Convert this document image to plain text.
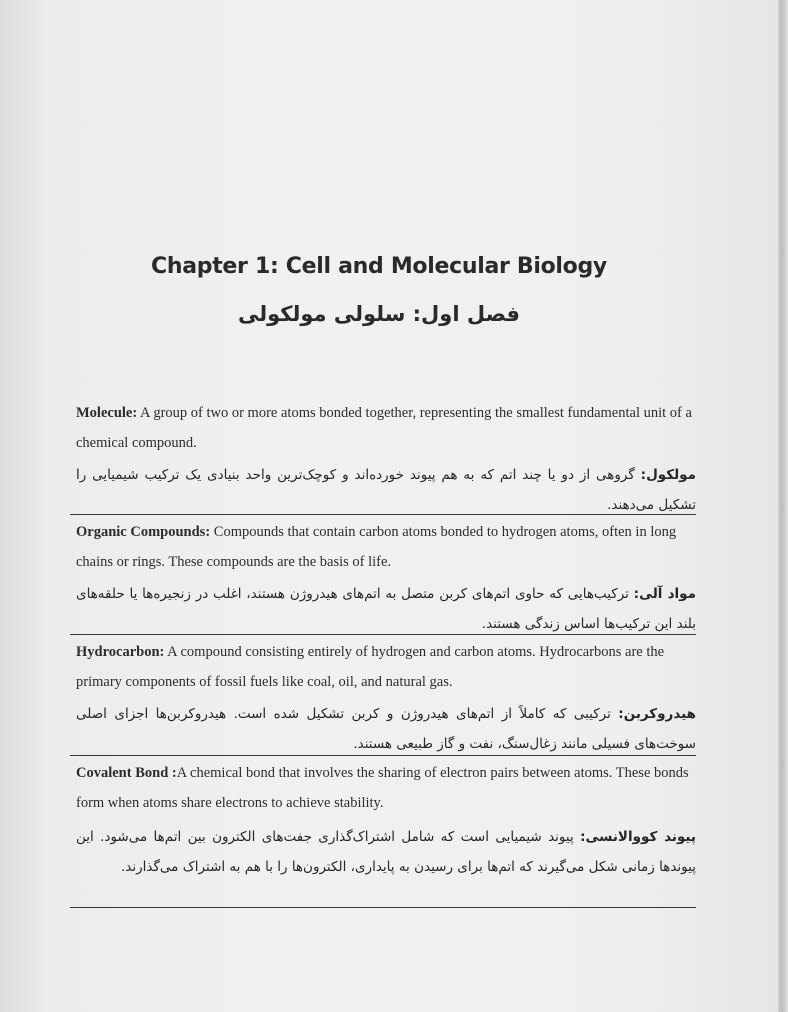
Chapter 1: Cell and Molecular Biology
فصل اول: سلولی مولکولی
Molecule: A group of two or more atoms bonded together, representing the smallest fundamental unit of a chemical compound.
مولکول: گروهی از دو یا چند اتم که به هم پیوند خورده‌اند و کوچک‌ترین واحد بنیادی یک ترکیب شیمیایی را تشکیل می‌دهند.
Organic Compounds: Compounds that contain carbon atoms bonded to hydrogen atoms, often in long chains or rings. These compounds are the basis of life.
مواد آلی: ترکیب‌هایی که حاوی اتم‌های کربن متصل به اتم‌های هیدروژن هستند، اغلب در زنجیره‌ها یا حلقه‌های بلند این ترکیب‌ها اساس زندگی هستند.
Hydrocarbon: A compound consisting entirely of hydrogen and carbon atoms. Hydrocarbons are the primary components of fossil fuels like coal, oil, and natural gas.
هیدروکربن: ترکیبی که کاملاً از اتم‌های هیدروژن و کربن تشکیل شده است. هیدروکربن‌ها اجزای اصلی سوخت‌های فسیلی مانند زغال‌سنگ، نفت و گاز طبیعی هستند.
Covalent Bond :A chemical bond that involves the sharing of electron pairs between atoms. These bonds form when atoms share electrons to achieve stability.
پیوند کووالانسی: پیوند شیمیایی است که شامل اشتراک‌گذاری جفت‌های الکترون بین اتم‌ها می‌شود. این پیوندها زمانی شکل می‌گیرند که اتم‌ها برای رسیدن به پایداری، الکترون‌ها را با هم به اشتراک می‌گذارند.
